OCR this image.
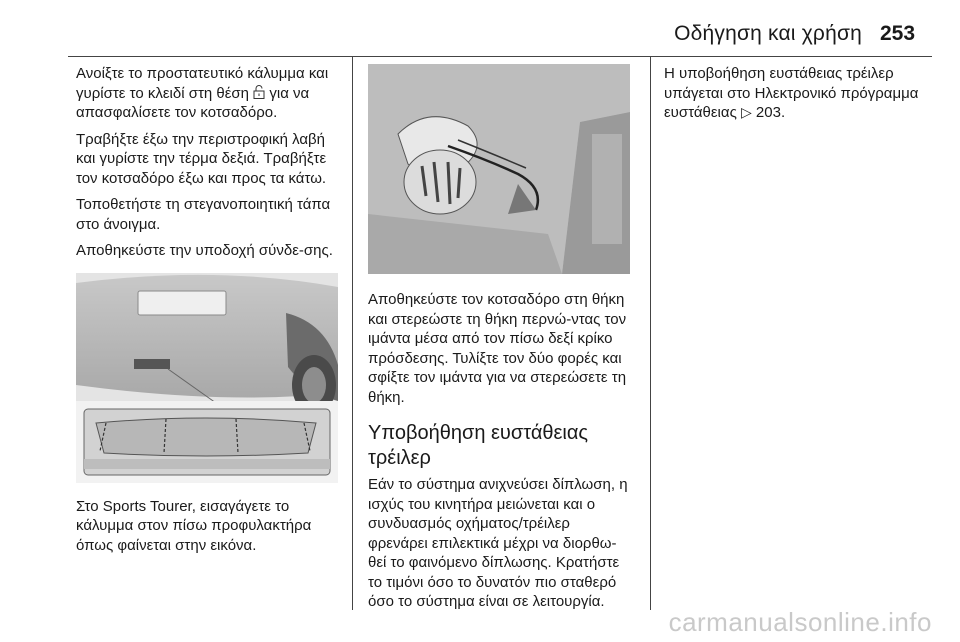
Οδήγηση και χρήση 253

Ανοίξτε το προστατευτικό κάλυμμα και γυρίστε το κλειδί στη θέση για να απασφαλίσετε τον κοτσαδόρο.

Τραβήξτε έξω την περιστροφική λαβή και γυρίστε την τέρμα δεξιά. Τραβήξτε τον κοτσαδόρο έξω και προς τα κάτω.

Τοποθετήστε τη στεγανοποιητική τάπα στο άνοιγμα.

Αποθηκεύστε την υποδοχή σύνδε-σης.

Στο Sports Tourer, εισαγάγετε το κάλυμμα στον πίσω προφυλακτήρα όπως φαίνεται στην εικόνα.

Αποθηκεύστε τον κοτσαδόρο στη θήκη και στερεώστε τη θήκη περνώ-ντας τον ιμάντα μέσα από τον πίσω δεξί κρίκο πρόσδεσης. Τυλίξτε τον δύο φορές και σφίξτε τον ιμάντα για να στερεώσετε τη θήκη.

Υποβοήθηση ευστάθειας τρέιλερ

Εάν το σύστημα ανιχνεύσει δίπλωση, η ισχύς του κινητήρα μειώνεται και ο συνδυασμός οχήματος/τρέιλερ φρενάρει επιλεκτικά μέχρι να διορθω-θεί το φαινόμενο δίπλωσης. Κρατήστε το τιμόνι όσο το δυνατόν πιο σταθερό όσο το σύστημα είναι σε λειτουργία.

Η υποβοήθηση ευστάθειας τρέιλερ υπάγεται στο Ηλεκτρονικό πρόγραμμα ευστάθειας ▷ 203.

carmanualsonline.info
